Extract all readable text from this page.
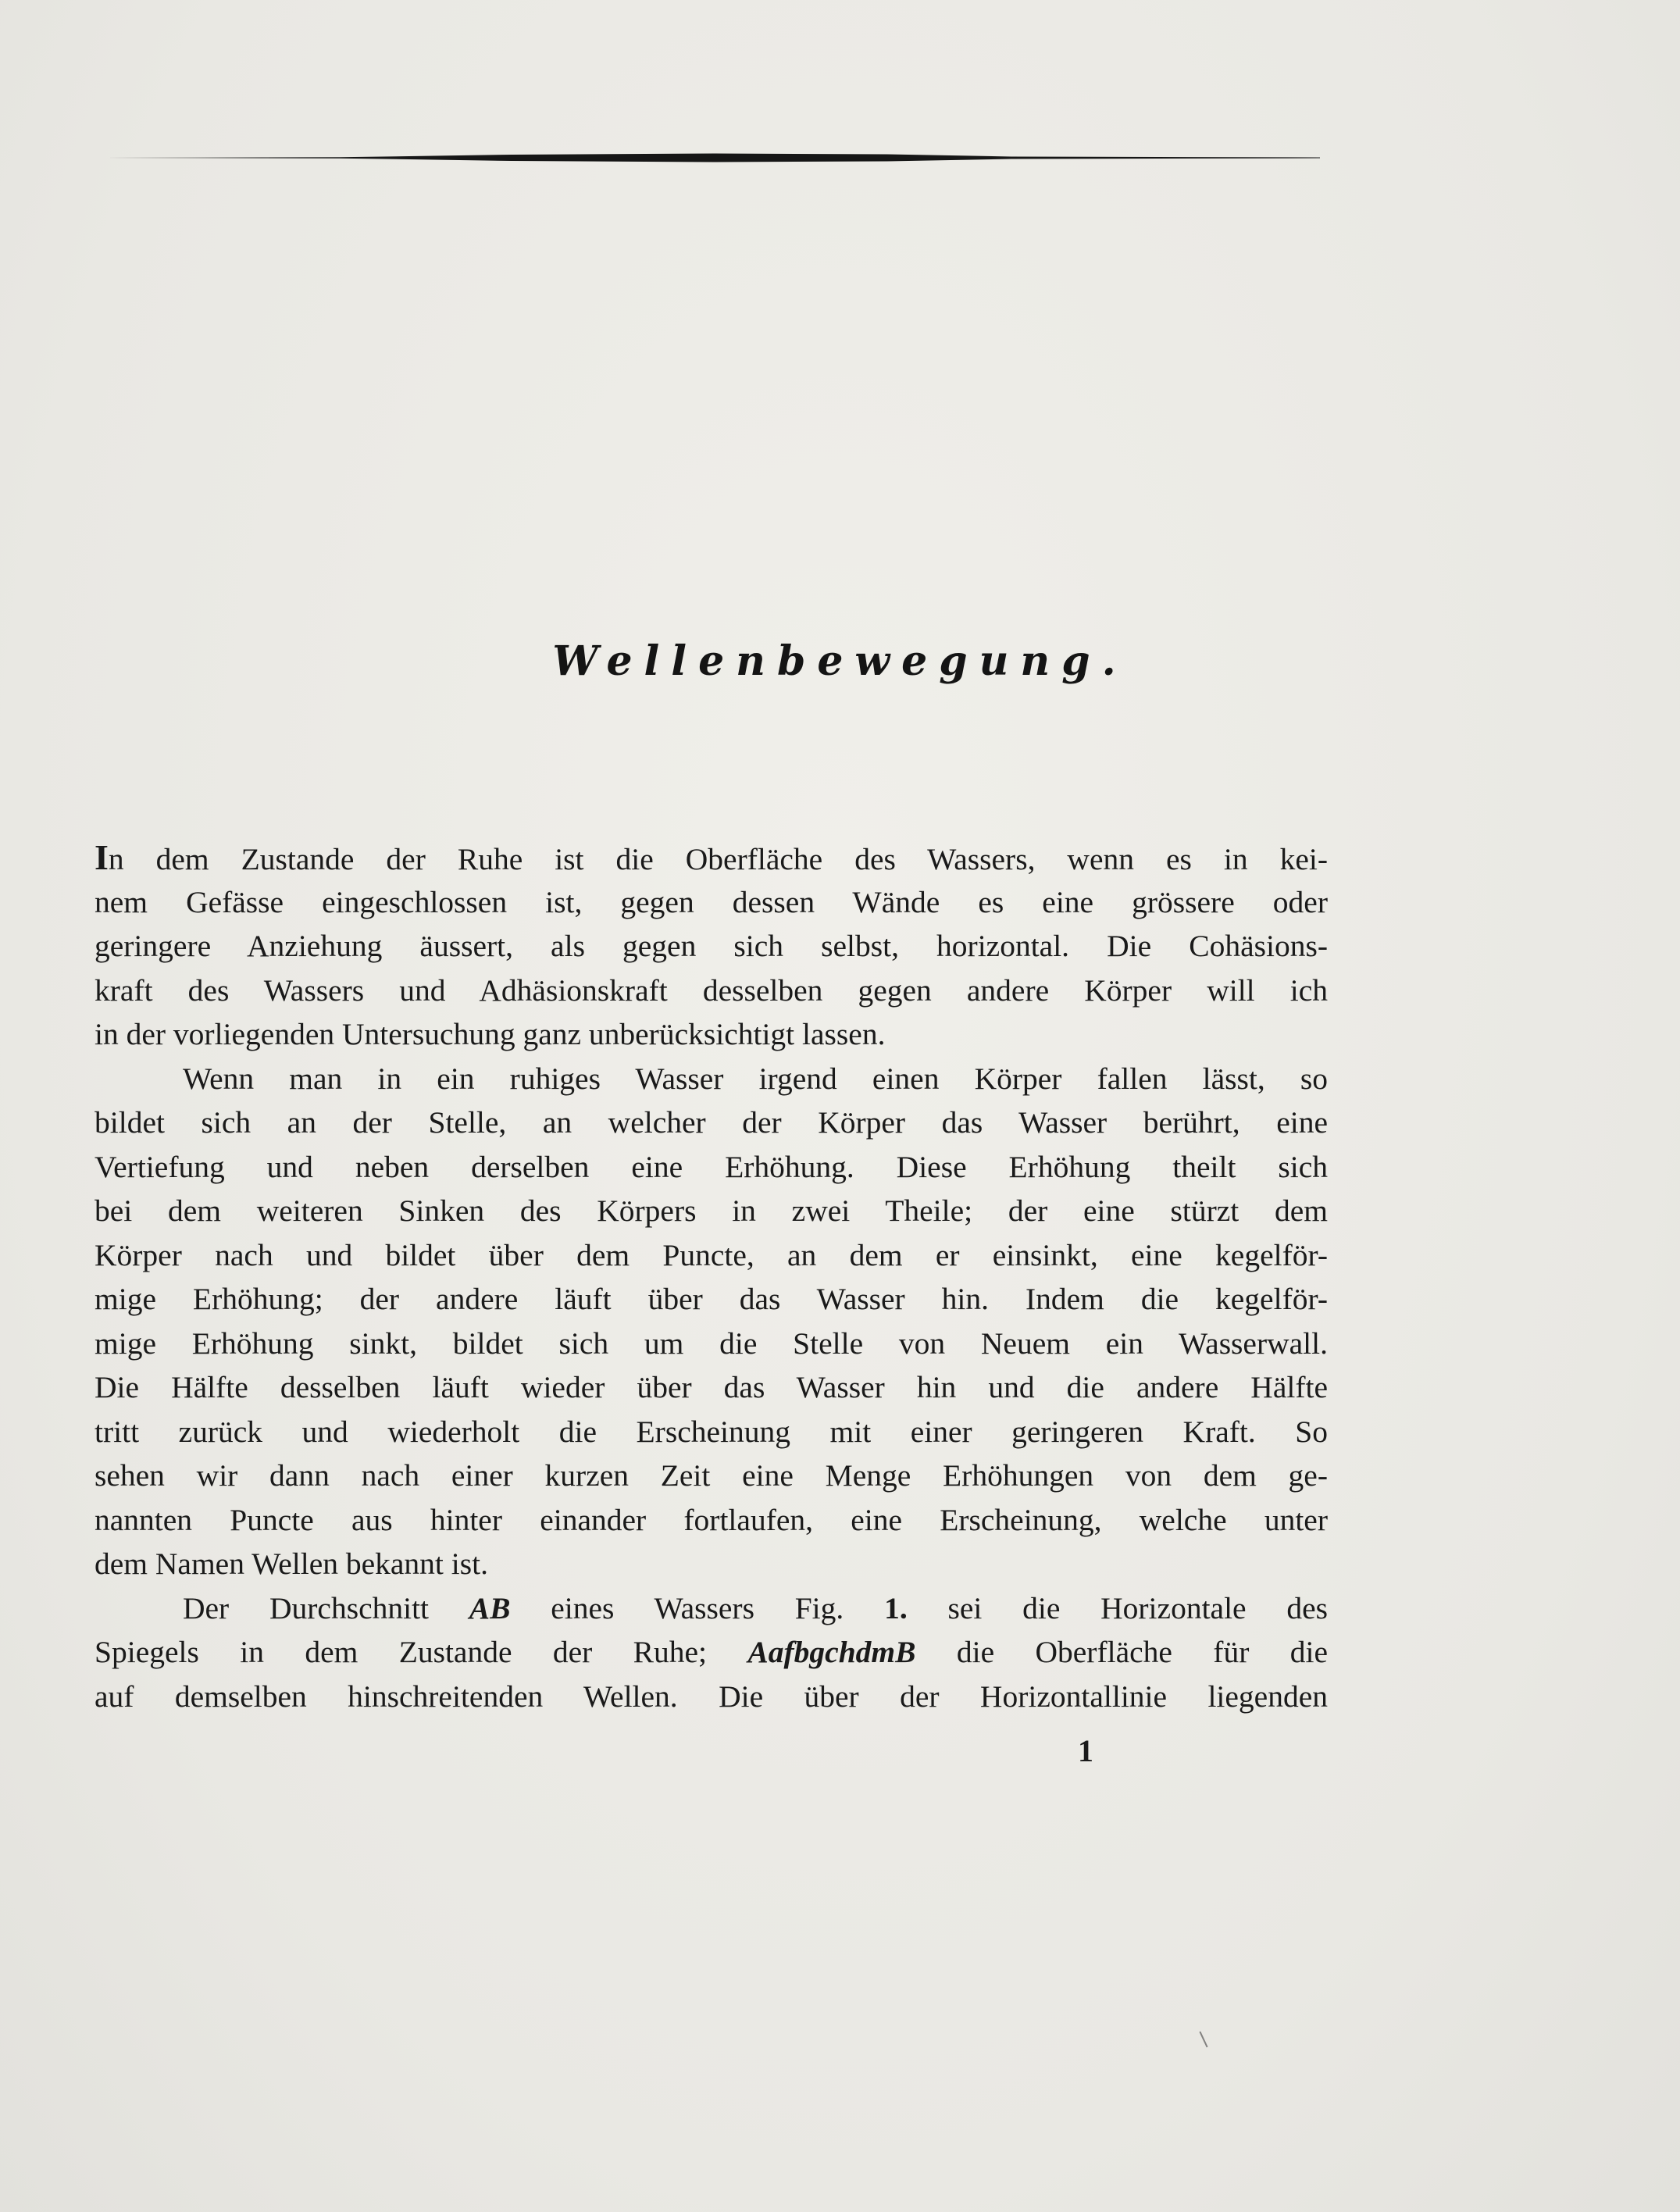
Wellenbewegung.
In dem Zustande der Ruhe ist die Oberfläche des Wassers, wenn es in kei-
nem Gefässe eingeschlossen ist, gegen dessen Wände es eine grössere oder
geringere Anziehung äussert, als gegen sich selbst, horizontal. Die Cohäsions-
kraft des Wassers und Adhäsionskraft desselben gegen andere Körper will ich
in der vorliegenden Untersuchung ganz unberücksichtigt lassen.
Wenn man in ein ruhiges Wasser irgend einen Körper fallen lässt, so
bildet sich an der Stelle, an welcher der Körper das Wasser berührt, eine
Vertiefung und neben derselben eine Erhöhung. Diese Erhöhung theilt sich
bei dem weiteren Sinken des Körpers in zwei Theile; der eine stürzt dem
Körper nach und bildet über dem Puncte, an dem er einsinkt, eine kegelför-
mige Erhöhung; der andere läuft über das Wasser hin. Indem die kegelför-
mige Erhöhung sinkt, bildet sich um die Stelle von Neuem ein Wasserwall.
Die Hälfte desselben läuft wieder über das Wasser hin und die andere Hälfte
tritt zurück und wiederholt die Erscheinung mit einer geringeren Kraft. So
sehen wir dann nach einer kurzen Zeit eine Menge Erhöhungen von dem ge-
nannten Puncte aus hinter einander fortlaufen, eine Erscheinung, welche unter
dem Namen Wellen bekannt ist.
Der Durchschnitt AB eines Wassers Fig. 1. sei die Horizontale des
Spiegels in dem Zustande der Ruhe; AafbgchdmB die Oberfläche für die
auf demselben hinschreitenden Wellen. Die über der Horizontallinie liegenden
1
